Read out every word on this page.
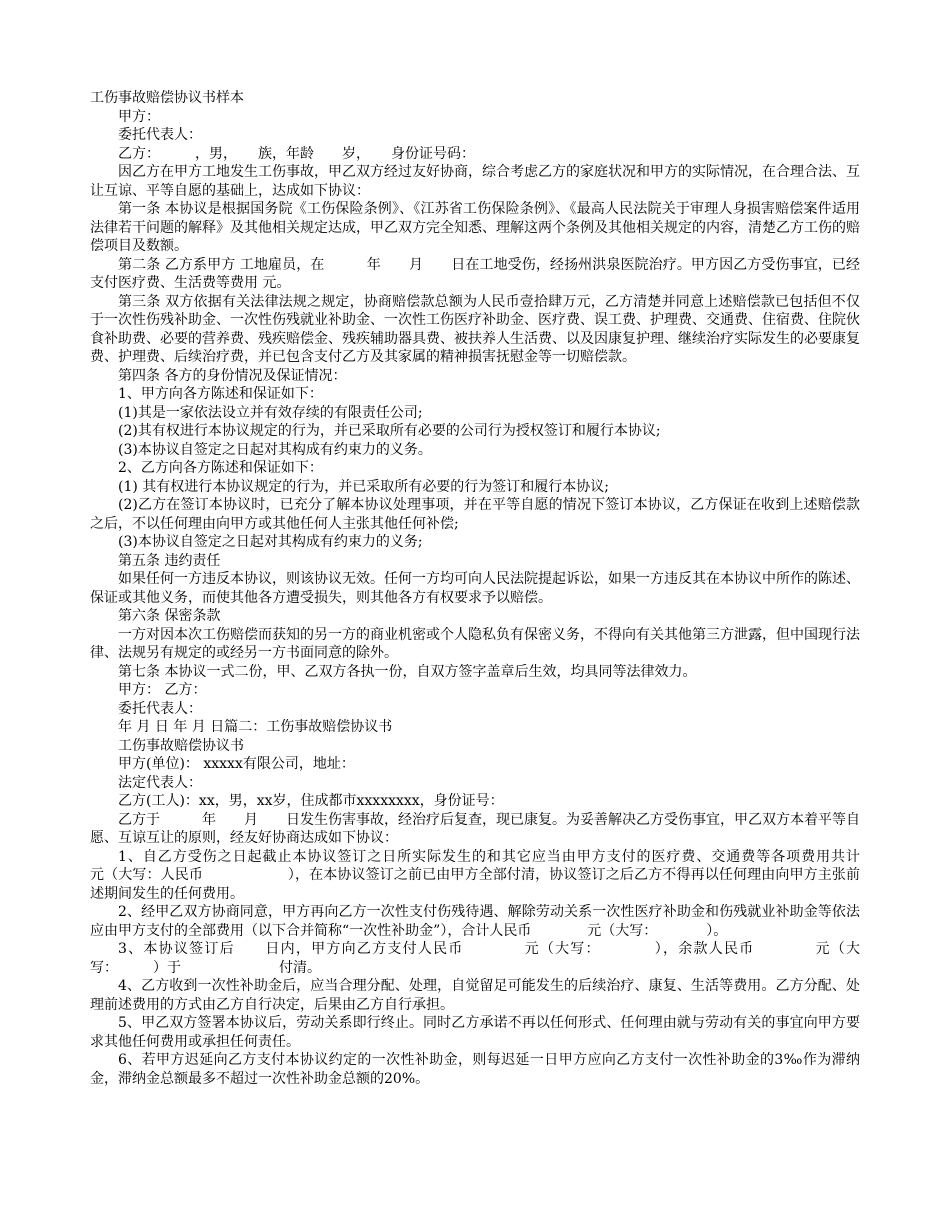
工伤事故赔偿协议书样本

甲方：

委托代表人：

乙方：　　　，男，　　族，年龄　　岁，　　身份证号码：

因乙方在甲方工地发生工伤事故，甲乙双方经过友好协商，综合考虑乙方的家庭状况和甲方的实际情况，在合理合法、互让互谅、平等自愿的基础上，达成如下协议：

第一条 本协议是根据国务院《工伤保险条例》、《江苏省工伤保险条例》、《最高人民法院关于审理人身损害赔偿案件适用法律若干问题的解释》及其他相关规定达成，甲乙双方完全知悉、理解这两个条例及其他相关规定的内容，清楚乙方工伤的赔偿项目及数额。

第二条 乙方系甲方 工地雇员，在　　　年　　月　　日在工地受伤，经扬州洪泉医院治疗。甲方因乙方受伤事宜，已经支付医疗费、生活费等费用 元。

第三条 双方依据有关法律法规之规定，协商赔偿款总额为人民币壹拾肆万元，乙方清楚并同意上述赔偿款已包括但不仅于一次性伤残补助金、一次性伤残就业补助金、一次性工伤医疗补助金、医疗费、误工费、护理费、交通费、住宿费、住院伙食补助费、必要的营养费、残疾赔偿金、残疾辅助器具费、被扶养人生活费、以及因康复护理、继续治疗实际发生的必要康复费、护理费、后续治疗费，并已包含支付乙方及其家属的精神损害抚慰金等一切赔偿款。

第四条 各方的身份情况及保证情况：

1、甲方向各方陈述和保证如下：

(1)其是一家依法设立并有效存续的有限责任公司;

(2)其有权进行本协议规定的行为，并已采取所有必要的公司行为授权签订和履行本协议;

(3)本协议自签定之日起对其构成有约束力的义务。

2、乙方向各方陈述和保证如下：

(1) 其有权进行本协议规定的行为，并已采取所有必要的行为签订和履行本协议;

(2)乙方在签订本协议时，已充分了解本协议处理事项，并在平等自愿的情况下签订本协议，乙方保证在收到上述赔偿款之后，不以任何理由向甲方或其他任何人主张其他任何补偿;

(3)本协议自签定之日起对其构成有约束力的义务;

第五条 违约责任

如果任何一方违反本协议，则该协议无效。任何一方均可向人民法院提起诉讼，如果一方违反其在本协议中所作的陈述、保证或其他义务，而使其他各方遭受损失，则其他各方有权要求予以赔偿。

第六条 保密条款

一方对因本次工伤赔偿而获知的另一方的商业机密或个人隐私负有保密义务，不得向有关其他第三方泄露，但中国现行法律、法规另有规定的或经另一方书面同意的除外。

第七条 本协议一式二份，甲、乙双方各执一份，自双方签字盖章后生效，均具同等法律效力。

甲方： 乙方：

委托代表人：

年 月 日 年 月 日篇二：工伤事故赔偿协议书

工伤事故赔偿协议书

甲方(单位)： xxxxx有限公司，地址：

法定代表人：

乙方(工人)：xx，男，xx岁，住成都市xxxxxxxx，身份证号：

乙方于　　　年　　月　　日发生伤害事故，经治疗后复查，现已康复。为妥善解决乙方受伤事宜，甲乙双方本着平等自愿、互谅互让的原则，经友好协商达成如下协议：

1、自乙方受伤之日起截止本协议签订之日所实际发生的和其它应当由甲方支付的医疗费、交通费等各项费用共计　　　　元（大写：人民币　　　　　　），在本协议签订之前已由甲方全部付清，协议签订之后乙方不得再以任何理由向甲方主张前述期间发生的任何费用。

2、经甲乙双方协商同意，甲方再向乙方一次性支付伤残待遇、解除劳动关系一次性医疗补助金和伤残就业补助金等依法应由甲方支付的全部费用（以下合并简称“一次性补助金”），合计人民币　　　　元（大写：　　　　）。

3、本协议签订后　　日内，甲方向乙方支付人民币　　　　元（大写：　　　　），余款人民币　　　　元（大写：　　　）于　　　　　　　付清。

4、乙方收到一次性补助金后，应当合理分配、处理，自觉留足可能发生的后续治疗、康复、生活等费用。乙方分配、处理前述费用的方式由乙方自行决定，后果由乙方自行承担。

5、甲乙双方签署本协议后，劳动关系即行终止。同时乙方承诺不再以任何形式、任何理由就与劳动有关的事宜向甲方要求其他任何费用或承担任何责任。

6、若甲方迟延向乙方支付本协议约定的一次性补助金，则每迟延一日甲方应向乙方支付一次性补助金的3‰作为滞纳金，滞纳金总额最多不超过一次性补助金总额的20%。
